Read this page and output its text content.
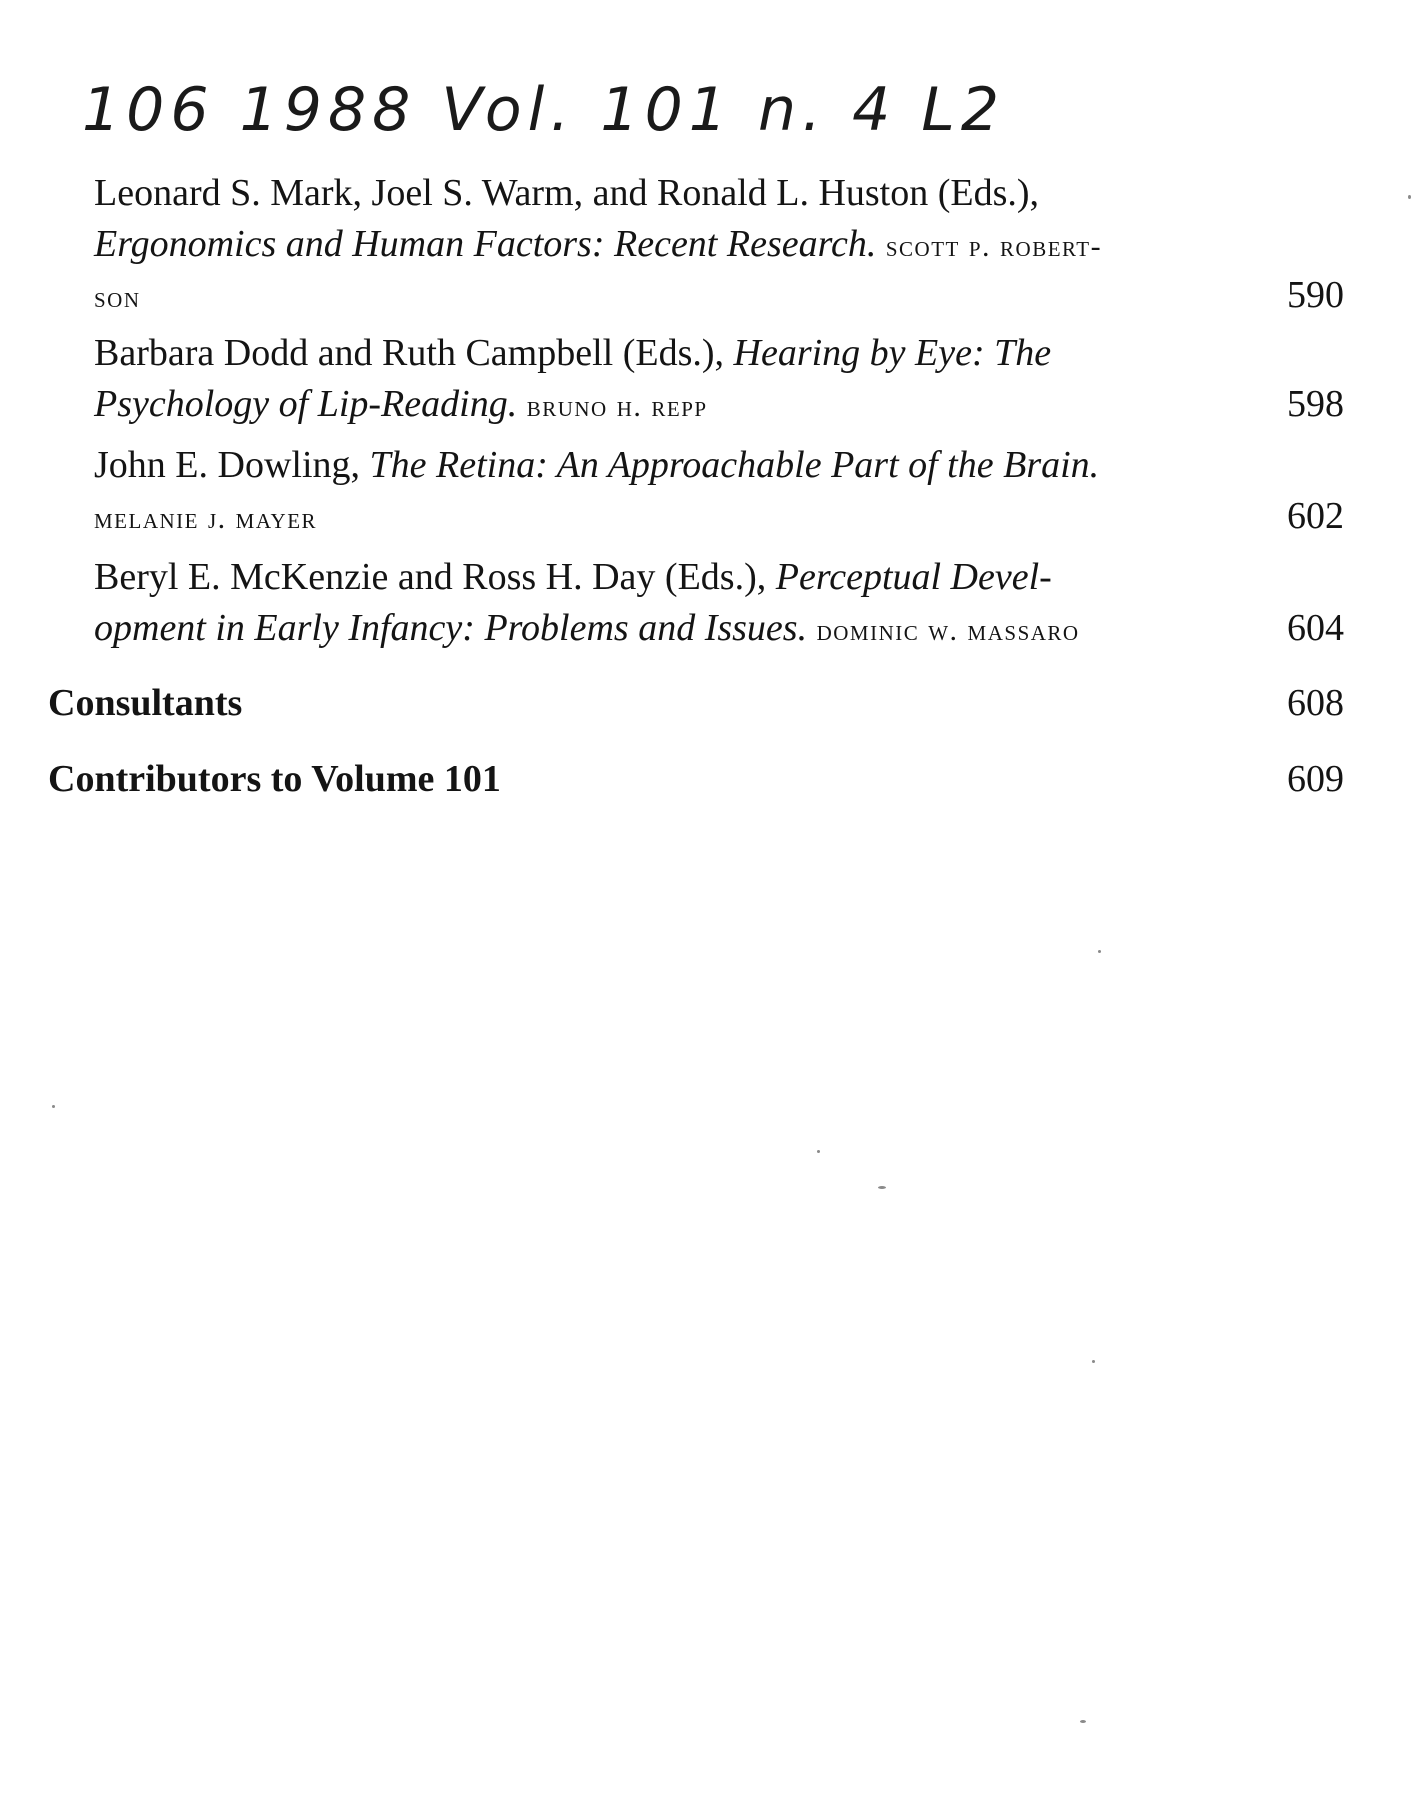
106 1988 Vol. 101 n. 4 L2
Leonard S. Mark, Joel S. Warm, and Ronald L. Huston (Eds.),
Ergonomics and Human Factors: Recent Research. scott p. robert-
son	590
Barbara Dodd and Ruth Campbell (Eds.), Hearing by Eye: The
Psychology of Lip-Reading. bruno h. repp	598
John E. Dowling, The Retina: An Approachable Part of the Brain.
melanie j. mayer	602
Beryl E. McKenzie and Ross H. Day (Eds.), Perceptual Devel-
opment in Early Infancy: Problems and Issues. dominic w. massaro	604
Consultants	608
Contributors to Volume 101	609
